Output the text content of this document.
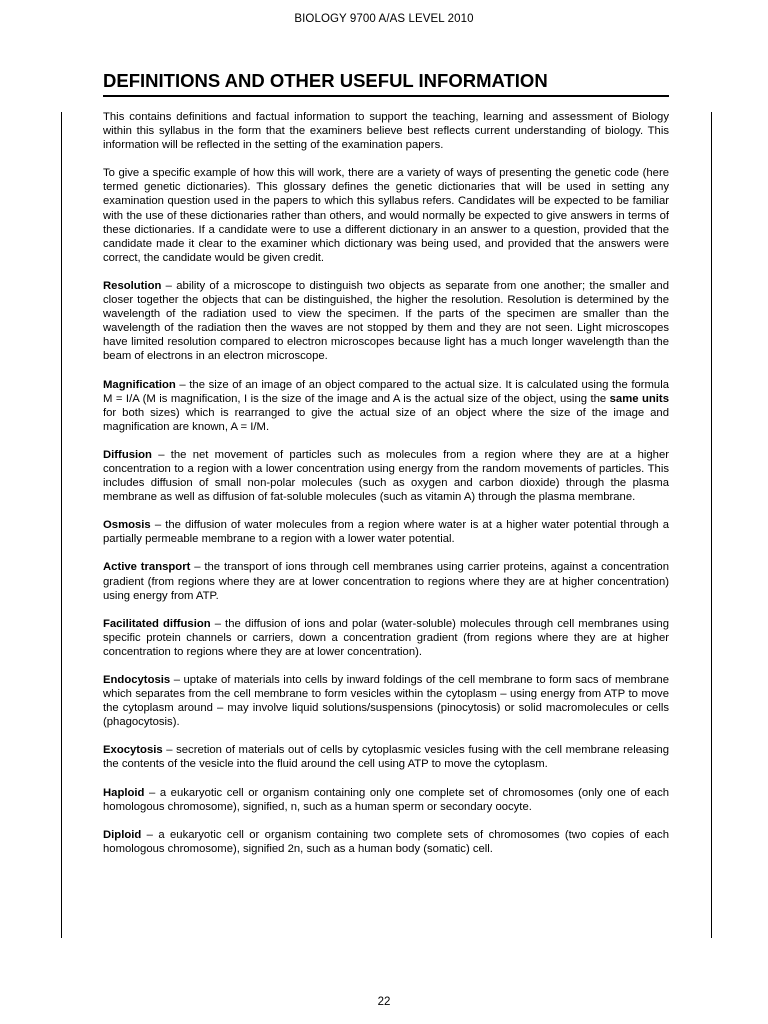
BIOLOGY 9700 A/AS LEVEL 2010
DEFINITIONS AND OTHER USEFUL INFORMATION

This contains definitions and factual information to support the teaching, learning and assessment of Biology within this syllabus in the form that the examiners believe best reflects current understanding of biology. This information will be reflected in the setting of the examination papers.

To give a specific example of how this will work, there are a variety of ways of presenting the genetic code (here termed genetic dictionaries). This glossary defines the genetic dictionaries that will be used in setting any examination question used in the papers to which this syllabus refers. Candidates will be expected to be familiar with the use of these dictionaries rather than others, and would normally be expected to give answers in terms of these dictionaries. If a candidate were to use a different dictionary in an answer to a question, provided that the candidate made it clear to the examiner which dictionary was being used, and provided that the answers were correct, the candidate would be given credit.

Resolution – ability of a microscope to distinguish two objects as separate from one another; the smaller and closer together the objects that can be distinguished, the higher the resolution. Resolution is determined by the wavelength of the radiation used to view the specimen. If the parts of the specimen are smaller than the wavelength of the radiation then the waves are not stopped by them and they are not seen. Light microscopes have limited resolution compared to electron microscopes because light has a much longer wavelength than the beam of electrons in an electron microscope.

Magnification – the size of an image of an object compared to the actual size. It is calculated using the formula M = I/A (M is magnification, I is the size of the image and A is the actual size of the object, using the same units for both sizes) which is rearranged to give the actual size of an object where the size of the image and magnification are known, A = I/M.

Diffusion – the net movement of particles such as molecules from a region where they are at a higher concentration to a region with a lower concentration using energy from the random movements of particles. This includes diffusion of small non-polar molecules (such as oxygen and carbon dioxide) through the plasma membrane as well as diffusion of fat-soluble molecules (such as vitamin A) through the plasma membrane.

Osmosis – the diffusion of water molecules from a region where water is at a higher water potential through a partially permeable membrane to a region with a lower water potential.

Active transport – the transport of ions through cell membranes using carrier proteins, against a concentration gradient (from regions where they are at lower concentration to regions where they are at higher concentration) using energy from ATP.

Facilitated diffusion – the diffusion of ions and polar (water-soluble) molecules through cell membranes using specific protein channels or carriers, down a concentration gradient (from regions where they are at higher concentration to regions where they are at lower concentration).

Endocytosis – uptake of materials into cells by inward foldings of the cell membrane to form sacs of membrane which separates from the cell membrane to form vesicles within the cytoplasm – using energy from ATP to move the cytoplasm around – may involve liquid solutions/suspensions (pinocytosis) or solid macromolecules or cells (phagocytosis).

Exocytosis – secretion of materials out of cells by cytoplasmic vesicles fusing with the cell membrane releasing the contents of the vesicle into the fluid around the cell using ATP to move the cytoplasm.

Haploid – a eukaryotic cell or organism containing only one complete set of chromosomes (only one of each homologous chromosome), signified, n, such as a human sperm or secondary oocyte.

Diploid – a eukaryotic cell or organism containing two complete sets of chromosomes (two copies of each homologous chromosome), signified 2n, such as a human body (somatic) cell.

22
